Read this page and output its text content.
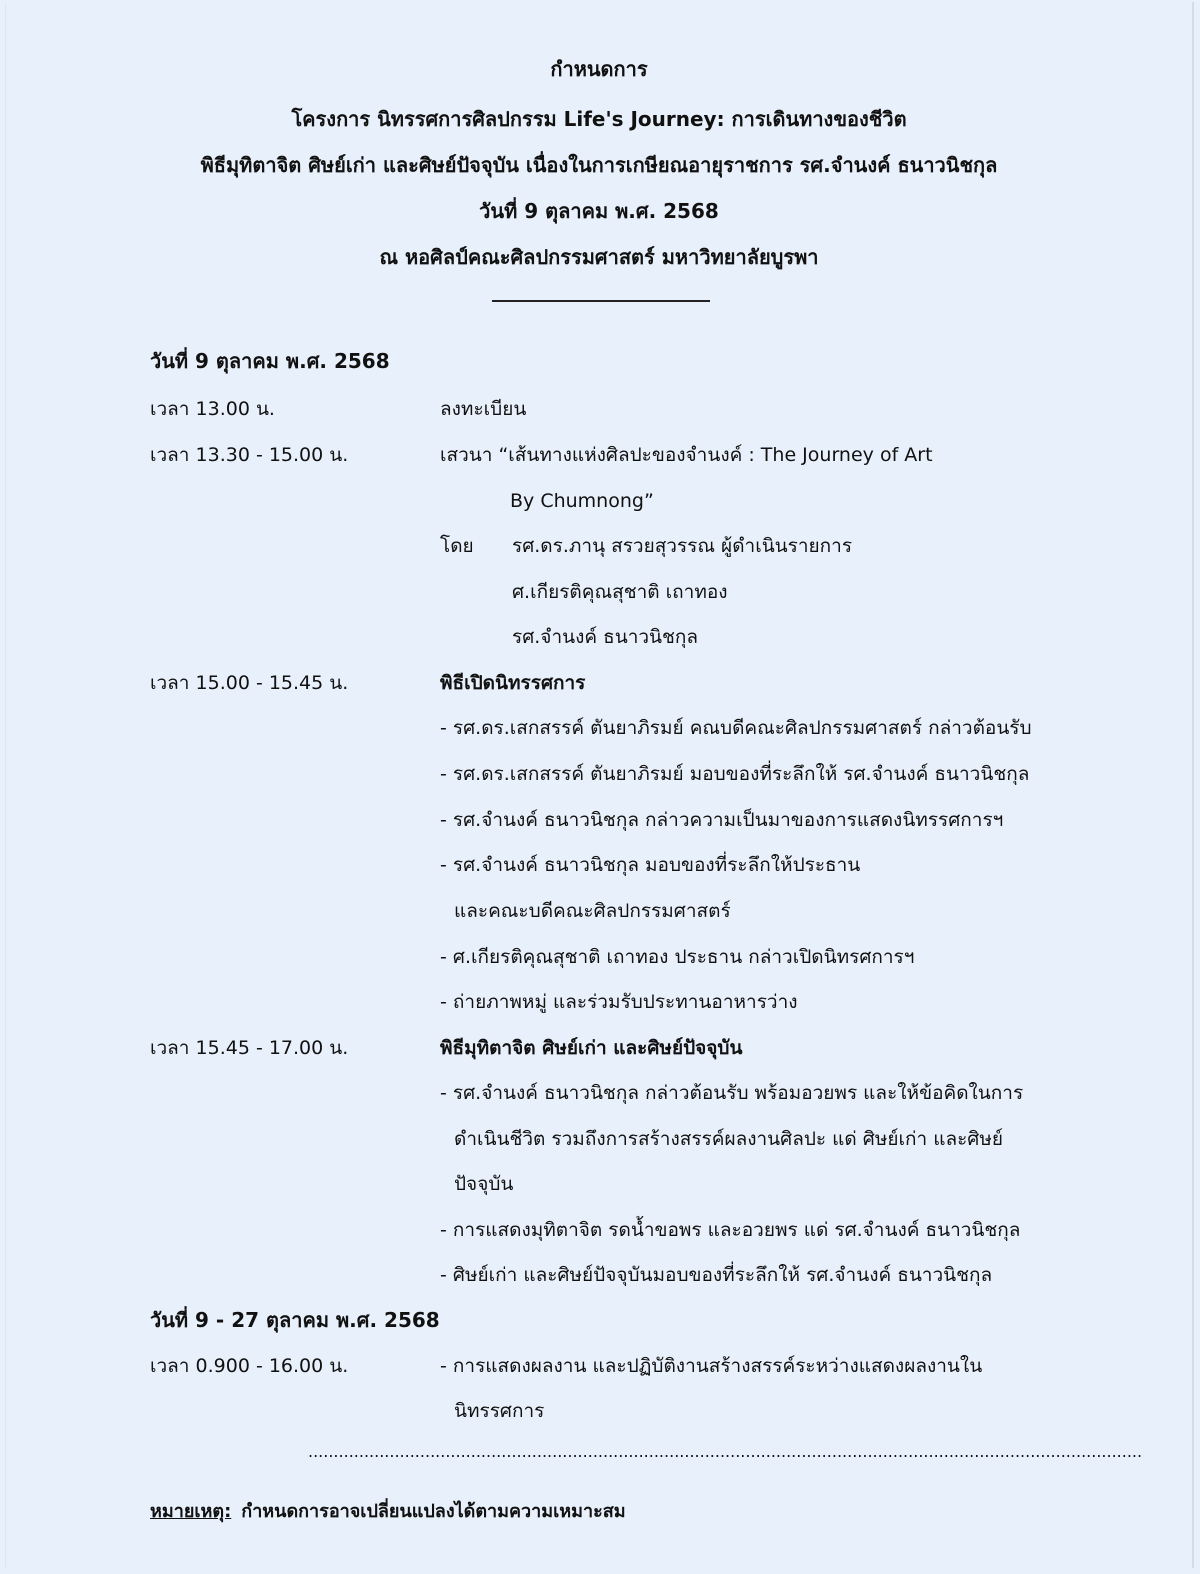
กำหนดการ
โครงการ นิทรรศการศิลปกรรม Life's Journey: การเดินทางของชีวิต
พิธีมุทิตาจิต ศิษย์เก่า และศิษย์ปัจจุบัน เนื่องในการเกษียณอายุราชการ รศ.จำนงค์ ธนาวนิชกุล
วันที่ 9 ตุลาคม พ.ศ. 2568
ณ หอศิลป์คณะศิลปกรรมศาสตร์ มหาวิทยาลัยบูรพา
วันที่ 9 ตุลาคม พ.ศ. 2568
เวลา 13.00 น.	ลงทะเบียน
เวลา 13.30 - 15.00 น.	เสวนา “เส้นทางแห่งศิลปะของจำนงค์ : The Journey of Art
By Chumnong”
โดย รศ.ดร.ภานุ สรวยสุวรรณ ผู้ดำเนินรายการ
ศ.เกียรติคุณสุชาติ เถาทอง
รศ.จำนงค์ ธนาวนิชกุล
เวลา 15.00 - 15.45 น.	พิธีเปิดนิทรรศการ
- รศ.ดร.เสกสรรค์ ตันยาภิรมย์ คณบดีคณะศิลปกรรมศาสตร์ กล่าวต้อนรับ
- รศ.ดร.เสกสรรค์ ตันยาภิรมย์ มอบของที่ระลึกให้ รศ.จำนงค์ ธนาวนิชกุล
- รศ.จำนงค์ ธนาวนิชกุล กล่าวความเป็นมาของการแสดงนิทรรศการฯ
- รศ.จำนงค์ ธนาวนิชกุล มอบของที่ระลึกให้ประธาน
และคณะบดีคณะศิลปกรรมศาสตร์
- ศ.เกียรติคุณสุชาติ เถาทอง ประธาน กล่าวเปิดนิทรศการฯ
- ถ่ายภาพหมู่ และร่วมรับประทานอาหารว่าง
เวลา 15.45 - 17.00 น.	พิธีมุทิตาจิต ศิษย์เก่า และศิษย์ปัจจุบัน
- รศ.จำนงค์ ธนาวนิชกุล กล่าวต้อนรับ พร้อมอวยพร และให้ข้อคิดในการ
ดำเนินชีวิต รวมถึงการสร้างสรรค์ผลงานศิลปะ แด่ ศิษย์เก่า และศิษย์
ปัจจุบัน
- การแสดงมุทิตาจิต รดน้ำขอพร และอวยพร แด่ รศ.จำนงค์ ธนาวนิชกุล
- ศิษย์เก่า และศิษย์ปัจจุบันมอบของที่ระลึกให้ รศ.จำนงค์ ธนาวนิชกุล
วันที่ 9 - 27 ตุลาคม พ.ศ. 2568
เวลา 0.900 - 16.00 น.	- การแสดงผลงาน และปฏิบัติงานสร้างสรรค์ระหว่างแสดงผลงานใน
นิทรรศการ
....................................................................................................................................................................
หมายเหตุ: กำหนดการอาจเปลี่ยนแปลงได้ตามความเหมาะสม
